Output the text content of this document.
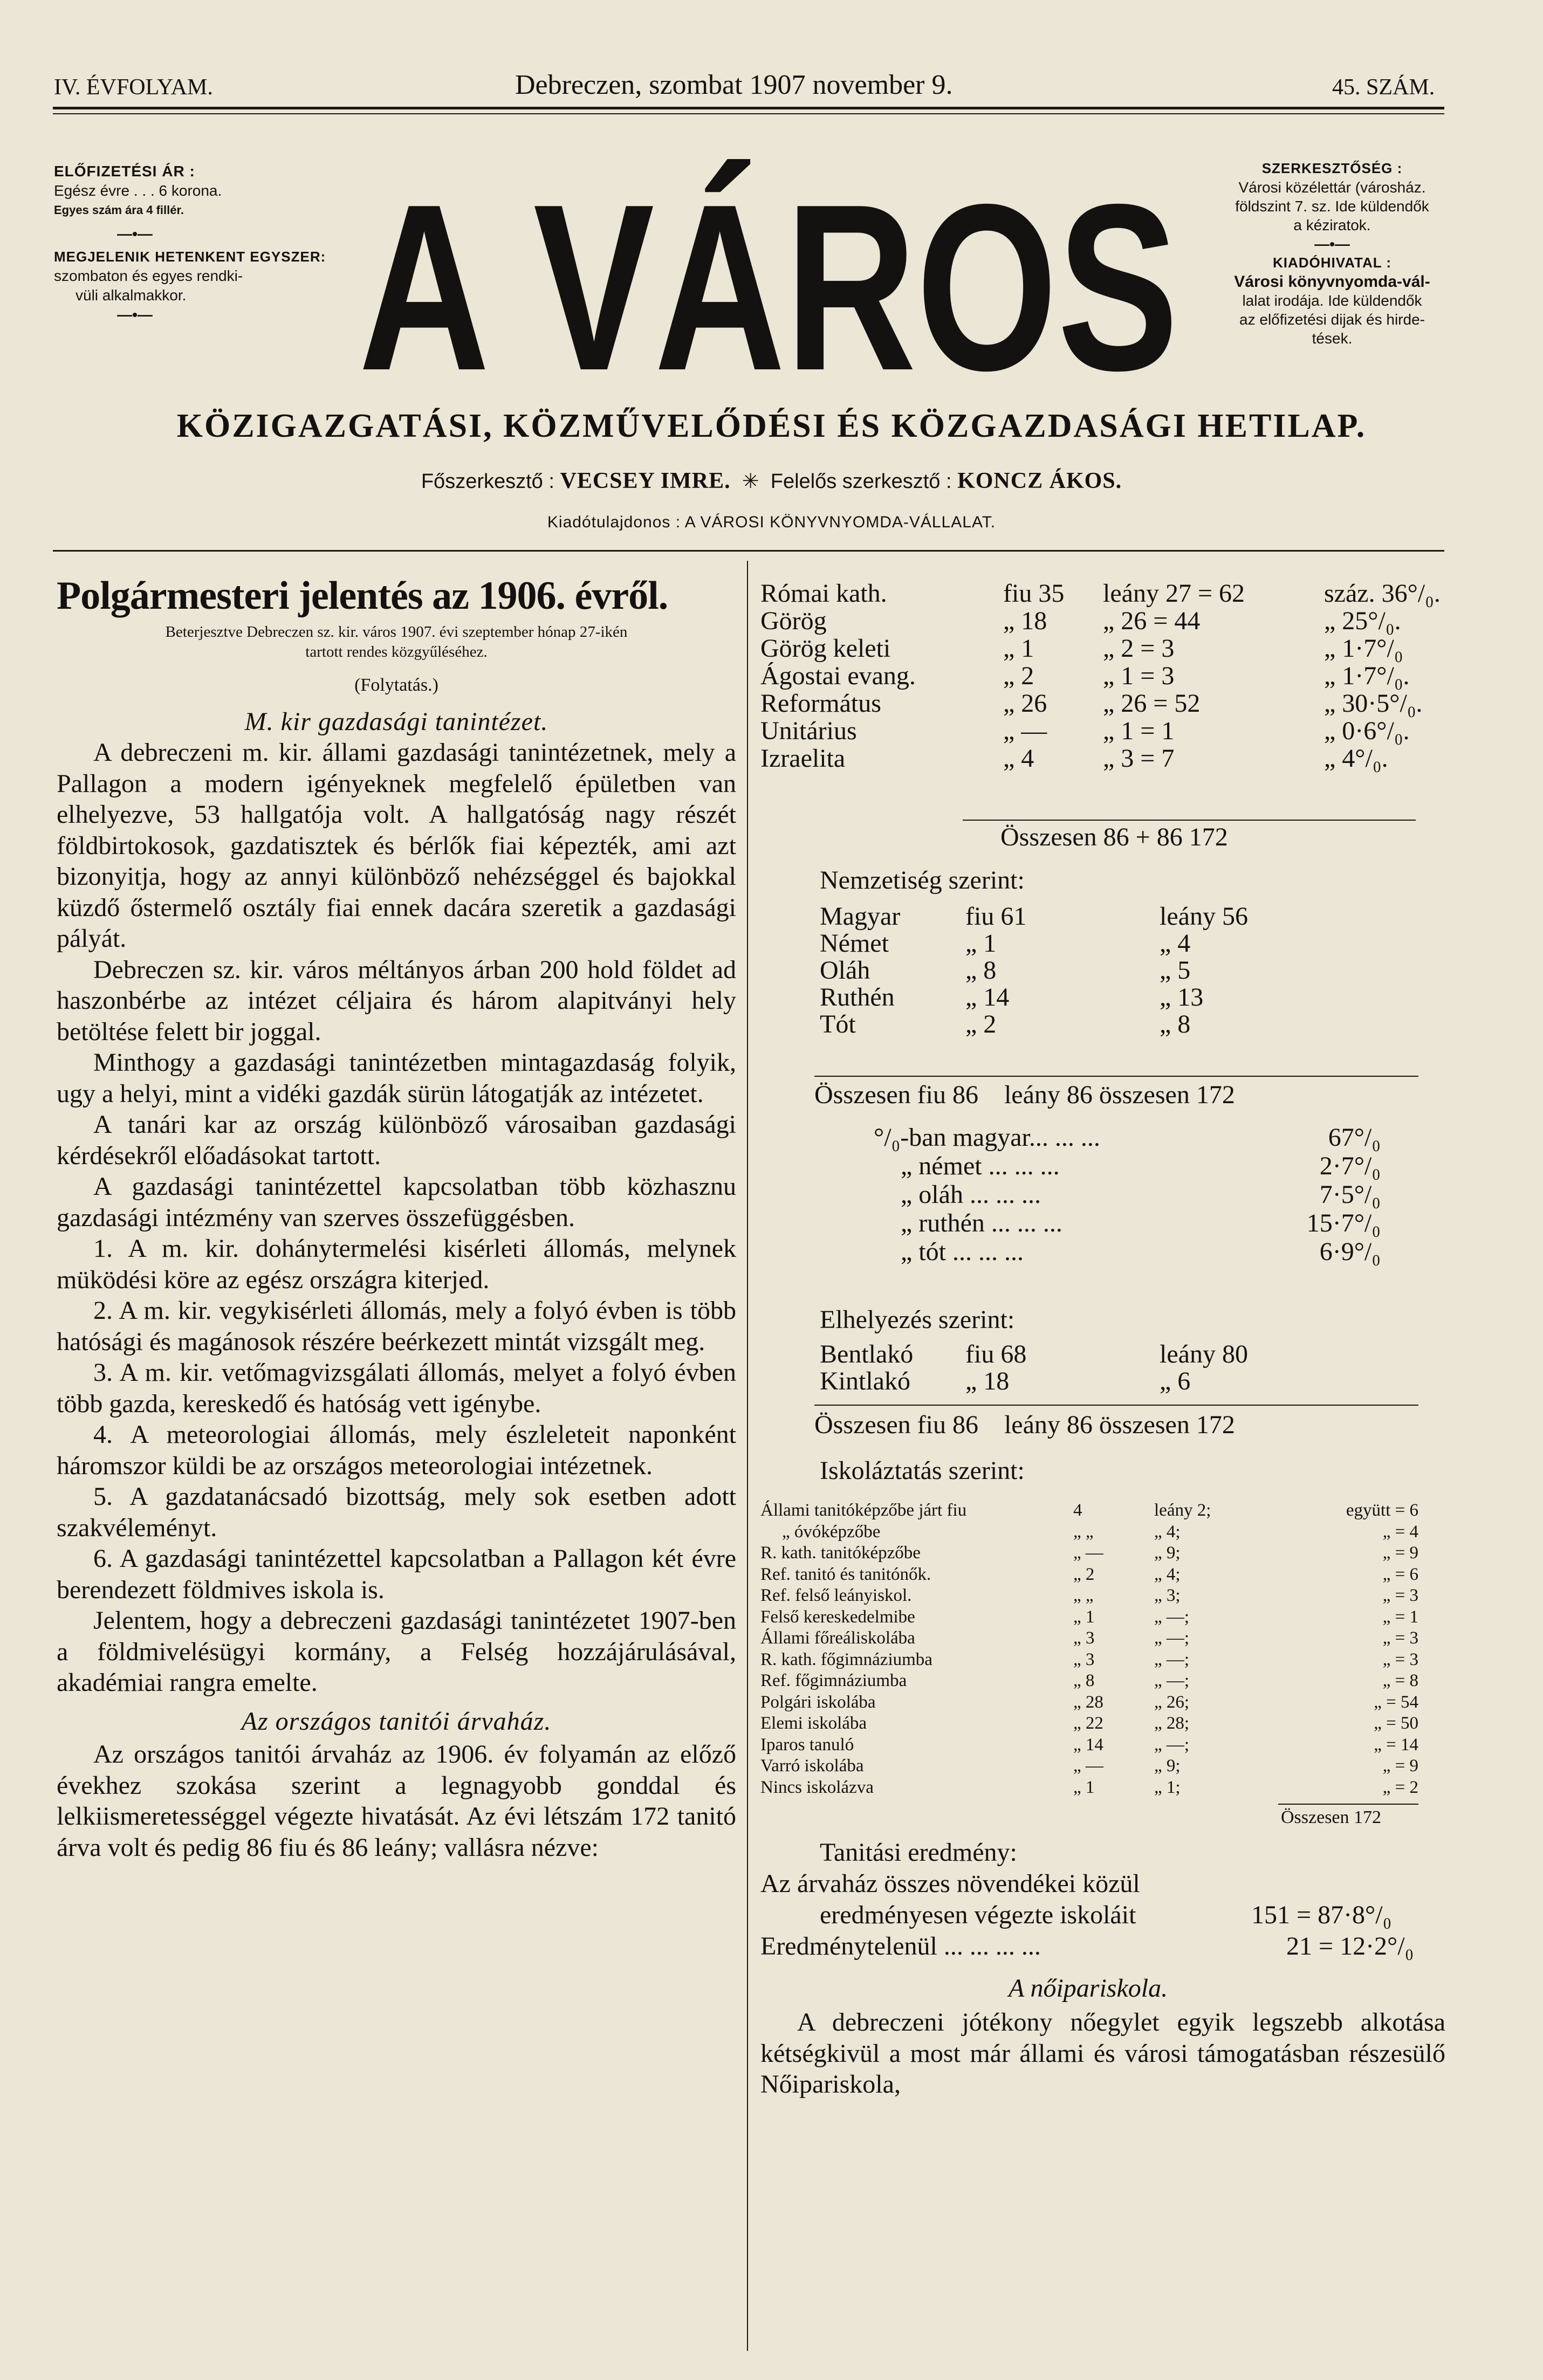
IV. ÉVFOLYAM.	Debreczen, szombat 1907 november 9.	45. SZÁM.
ELŐFIZETÉSI ÁR :
Egész évre . . . 6 korona.
Egyes szám ára 4 fillér.
—•—
MEGJELENIK HETENKENT EGYSZER:
szombaton és egyes rendki-
vüli alkalmakkor.
—•— A VÁROS	SZERKESZTŐSÉG :
Városi közélettár (városház.
földszint 7. sz. Ide küldendők
a kéziratok.
—•—
KIADÓHIVATAL :
Városi könyvnyomda-vál-
lalat irodája. Ide küldendők
az előfizetési dijak és hirde-
tések.
KÖZIGAZGATÁSI, KÖZMŰVELŐDÉSI ÉS KÖZGAZDASÁGI HETILAP.
Főszerkesztő : VECSEY IMRE. ✳ Felelős szerkesztő : KONCZ ÁKOS.
Kiadótulajdonos : A VÁROSI KÖNYVNYOMDA-VÁLLALAT.
Polgármesteri jelentés az 1906. évről.
Beterjesztve Debreczen sz. kir. város 1907. évi szeptember hónap 27-ikén
tartott rendes közgyűléséhez.
(Folytatás.)
M. kir gazdasági tanintézet.

A debreczeni m. kir. állami gazdasági tanintézetnek, mely a Pallagon a modern igényeknek megfelelő épületben van elhelyezve, 53 hallgatója volt. A hallgatóság nagy részét földbirtokosok, gazdatisztek és bérlők fiai képezték, ami azt bizonyitja, hogy az annyi különböző nehézséggel és bajokkal küzdő őstermelő osztály fiai ennek dacára szeretik a gazdasági pályát.

Debreczen sz. kir. város méltányos árban 200 hold földet ad haszonbérbe az intézet céljaira és három alapitványi hely betöltése felett bir joggal.

Minthogy a gazdasági tanintézetben mintagazdaság folyik, ugy a helyi, mint a vidéki gazdák sürün látogatják az intézetet.

A tanári kar az ország különböző városaiban gazdasági kérdésekről előadásokat tartott.

A gazdasági tanintézettel kapcsolatban több közhasznu gazdasági intézmény van szerves összefüggésben.

1. A m. kir. dohánytermelési kisérleti állomás, melynek müködési köre az egész országra kiterjed.

2. A m. kir. vegykisérleti állomás, mely a folyó évben is több hatósági és magánosok részére beérkezett mintát vizsgált meg.

3. A m. kir. vetőmagvizsgálati állomás, melyet a folyó évben több gazda, kereskedő és hatóság vett igénybe.

4. A meteorologiai állomás, mely észleleteit naponként háromszor küldi be az országos meteorologiai intézetnek.

5. A gazdatanácsadó bizottság, mely sok esetben adott szakvéleményt.

6. A gazdasági tanintézettel kapcsolatban a Pallagon két évre berendezett földmives iskola is.

Jelentem, hogy a debreczeni gazdasági tanintézetet 1907-ben a földmivelésügyi kormány, a Felség hozzájárulásával, akadémiai rangra emelte.

Az országos tanitói árvaház.

Az országos tanitói árvaház az 1906. év folyamán az előző évekhez szokása szerint a legnagyobb gonddal és lelkiismeretességgel végezte hivatását. Az évi létszám 172 tanitó árva volt és pedig 86 fiu és 86 leány; vallásra nézve:

Római kath.	fiu 35	leány 27 = 62	száz. 36°/₀.
Görög	„ 18	„ 26 = 44	„ 25°/₀.
Görög keleti	„ 1	„ 2 = 3	„ 1·7°/₀
Ágostai evang.	„ 2	„ 1 = 3	„ 1·7°/₀.
Református	„ 26	„ 26 = 52	„ 30·5°/₀.
Unitárius	„ —	„ 1 = 1	„ 0·6°/₀.
Izraelita	„ 4	„ 3 = 7	„ 4°/₀.
Összesen 86 + 86 172
Nemzetiség szerint:
Magyar	fiu 61	leány 56
Német	„ 1	„ 4
Oláh	„ 8	„ 5
Ruthén	„ 14	„ 13
Tót	„ 2	„ 8
Összesen fiu 86    leány 86 összesen 172
°/₀-ban magyar... ... ...	67°/₀
„ német ... ... ...	2·7°/₀
„ oláh ... ... ...	7·5°/₀
„ ruthén ... ... ...	15·7°/₀
„ tót ... ... ...	6·9°/₀
Elhelyezés szerint:
Bentlakó	fiu 68	leány 80
Kintlakó	„ 18	„ 6
Összesen fiu 86    leány 86 összesen 172
Iskoláztatás szerint:
Állami tanitóképzőbe járt fiu	4	leány 2;	együtt = 6
„ óvóképzőbe	„ „	„ 4;	„ = 4
R. kath. tanitóképzőbe	„ —	„ 9;	„ = 9
Ref. tanitó és tanitónők.	„ 2	„ 4;	„ = 6
Ref. felső leányiskol.	„ „	„ 3;	„ = 3
Felső kereskedelmibe	„ 1	„ —;	„ = 1
Állami főreáliskolába	„ 3	„ —;	„ = 3
R. kath. főgimnáziumba	„ 3	„ —;	„ = 3
Ref. főgimnáziumba	„ 8	„ —;	„ = 8
Polgári iskolába	„ 28	„ 26;	„ = 54
Elemi iskolába	„ 22	„ 28;	„ = 50
Iparos tanuló	„ 14	„ —;	„ = 14
Varró iskolába	„ —	„ 9;	„ = 9
Nincs iskolázva	„ 1	„ 1;	„ = 2
Összesen 172
Tanitási eredmény:
Az árvaház összes növendékei közül
eredményesen végezte iskoláit	151 = 87·8°/₀
Eredménytelenül ... ... ... ...	21 = 12·2°/₀
A nőipariskola.

A debreczeni jótékony nőegylet egyik legszebb alkotása kétségkivül a most már állami és városi támogatásban részesülő Nőipariskola,
